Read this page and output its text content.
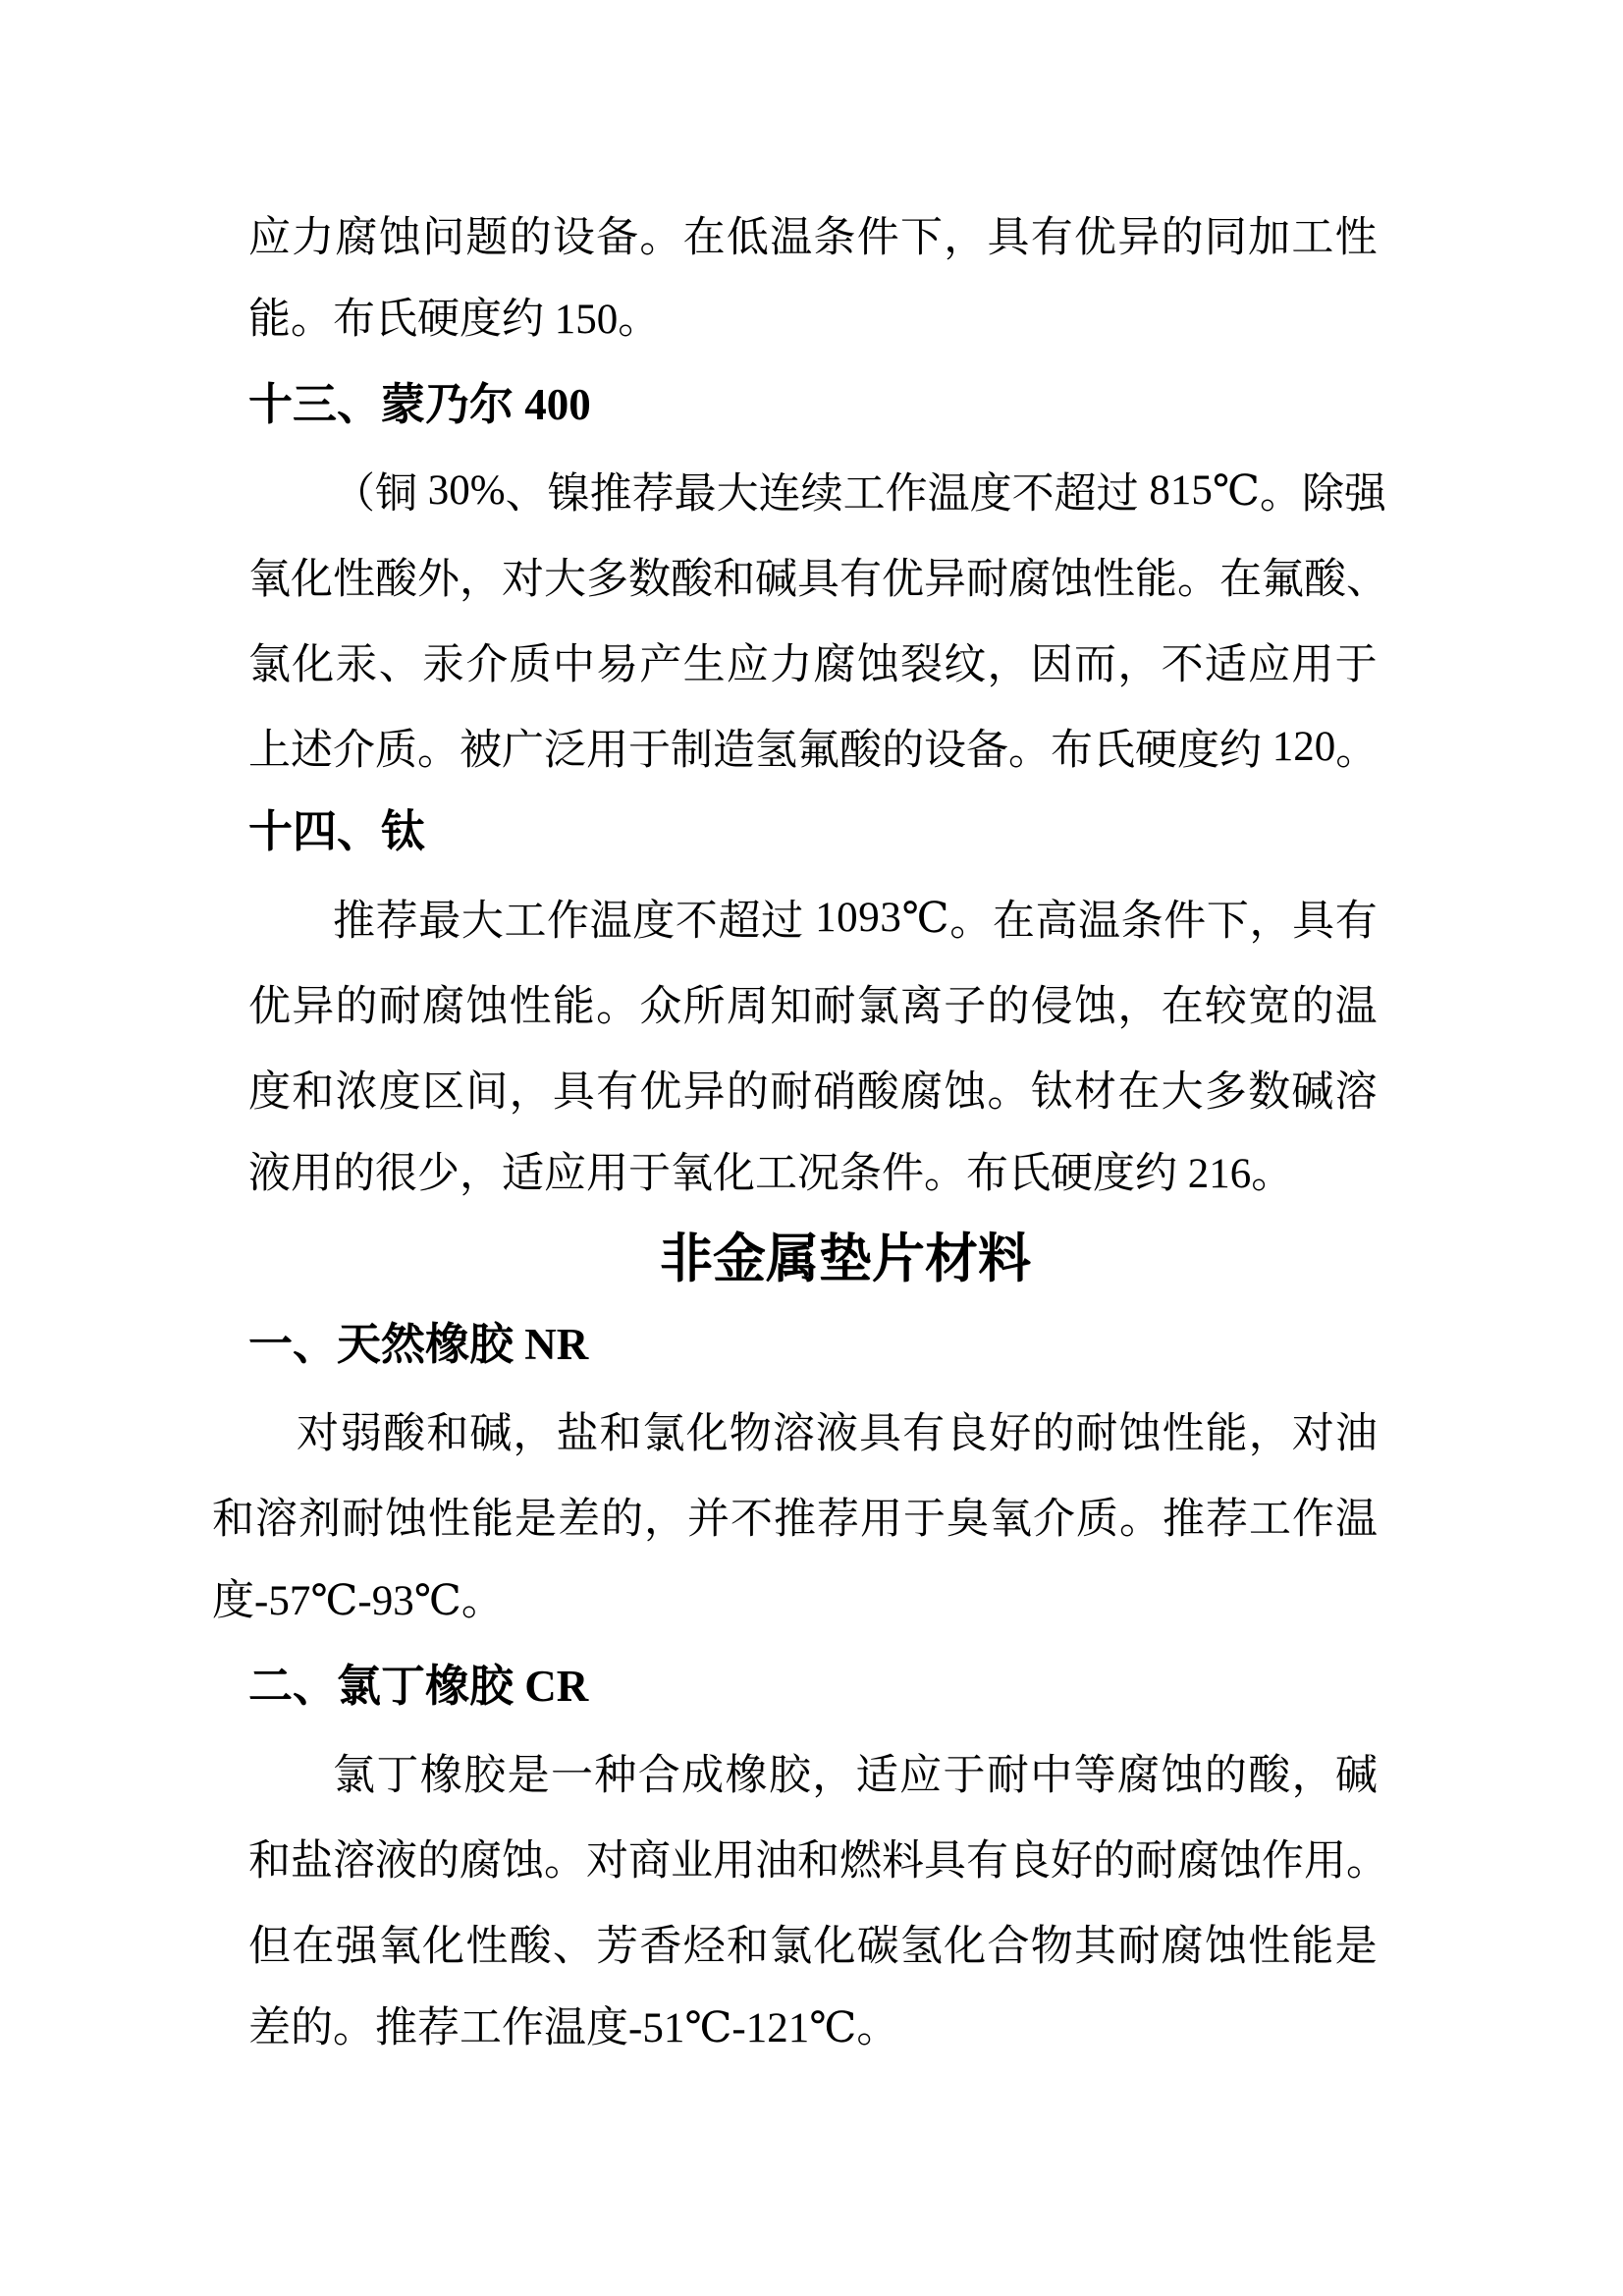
应 力 腐 蚀 问 题 的 设 备 。 在 低 温 条 件 下 ， 具 有 优 异 的 同 加 工 性
能。布氏硬度约 150。
十三、蒙乃尔 400
（ 铜
3 0 % 、 镍 推 荐 最 大 连 续 工 作 温 度 不 超 过
8 1 5 ℃ 。 除 强
氧 化 性 酸 外 ， 对 大 多 数 酸 和 碱 具 有 优 异 耐 腐 蚀 性 能 。 在 氟 酸 、
氯 化 汞 、 汞 介 质 中 易 产 生 应 力 腐 蚀 裂 纹 ， 因 而 ， 不 适 应 用 于
上 述 介 质 。 被 广 泛 用 于 制 造 氢 氟 酸 的 设 备 。 布 氏 硬 度 约
1 2 0 。
十四、钛
推 荐 最 大 工 作 温 度 不 超 过
1 0 9 3 ℃ 。 在 高 温 条 件 下 ， 具 有
优 异 的 耐 腐 蚀 性 能 。 众 所 周 知 耐 氯 离 子 的 侵 蚀 ， 在 较 宽 的 温
度 和 浓 度 区 间 ， 具 有 优 异 的 耐 硝 酸 腐 蚀 。 钛 材 在 大 多 数 碱 溶
液用的很少，适应用于氧化工况条件。布氏硬度约 216。
非金属垫片材料
一、天然橡胶 NR
对 弱 酸 和 碱 ， 盐 和 氯 化 物 溶 液 具 有 良 好 的 耐 蚀 性 能 ， 对 油
和 溶 剂 耐 蚀 性 能 是 差 的 ， 并 不 推 荐 用 于 臭 氧 介 质 。 推 荐 工 作 温
度-57℃-93℃。
二、氯丁橡胶 CR
氯 丁 橡 胶 是 一 种 合 成 橡 胶 ， 适 应 于 耐 中 等 腐 蚀 的 酸 ， 碱
和 盐 溶 液 的 腐 蚀 。 对 商 业 用 油 和 燃 料 具 有 良 好 的 耐 腐 蚀 作 用 。
但 在 强 氧 化 性 酸 、 芳 香 烃 和 氯 化 碳 氢 化 合 物 其 耐 腐 蚀 性 能 是
差的。推荐工作温度-51℃-121℃。
